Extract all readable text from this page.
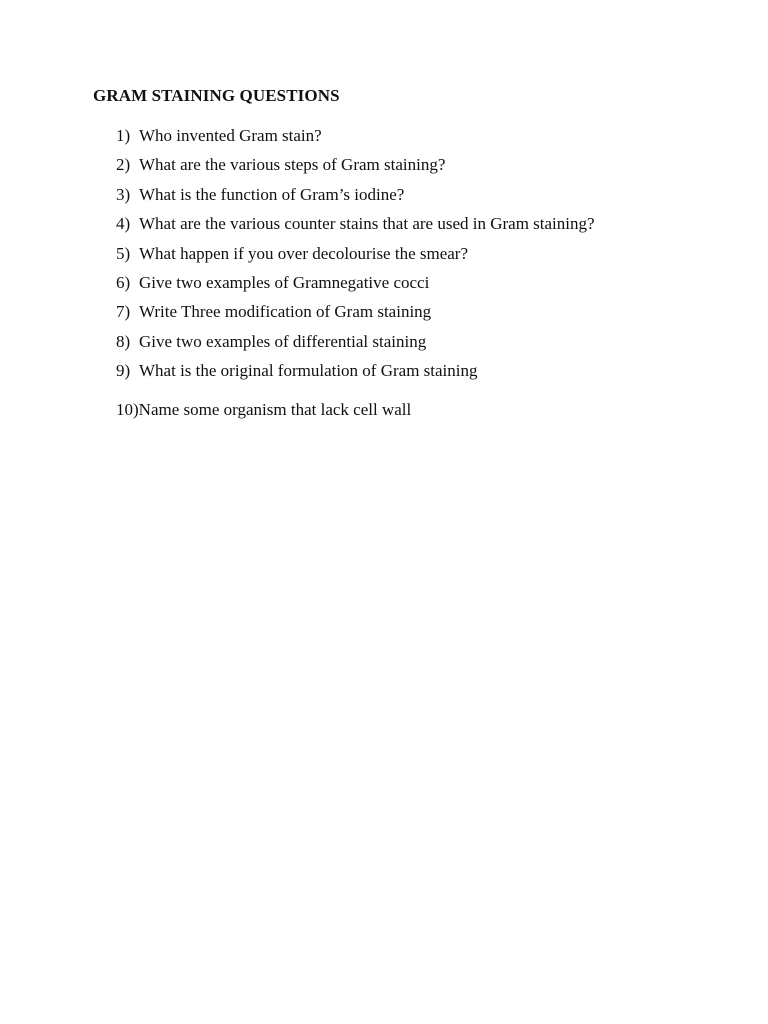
GRAM STAINING QUESTIONS
1) Who invented Gram stain?
2) What are the various steps of Gram staining?
3) What is the function of Gram’s iodine?
4) What are the various counter stains that are used in Gram staining?
5) What happen if you over decolourise the smear?
6) Give two examples of Gramnegative cocci
7) Write Three modification of Gram staining
8) Give two examples of differential staining
9) What is the original formulation of Gram staining
10)Name some organism that lack cell wall
